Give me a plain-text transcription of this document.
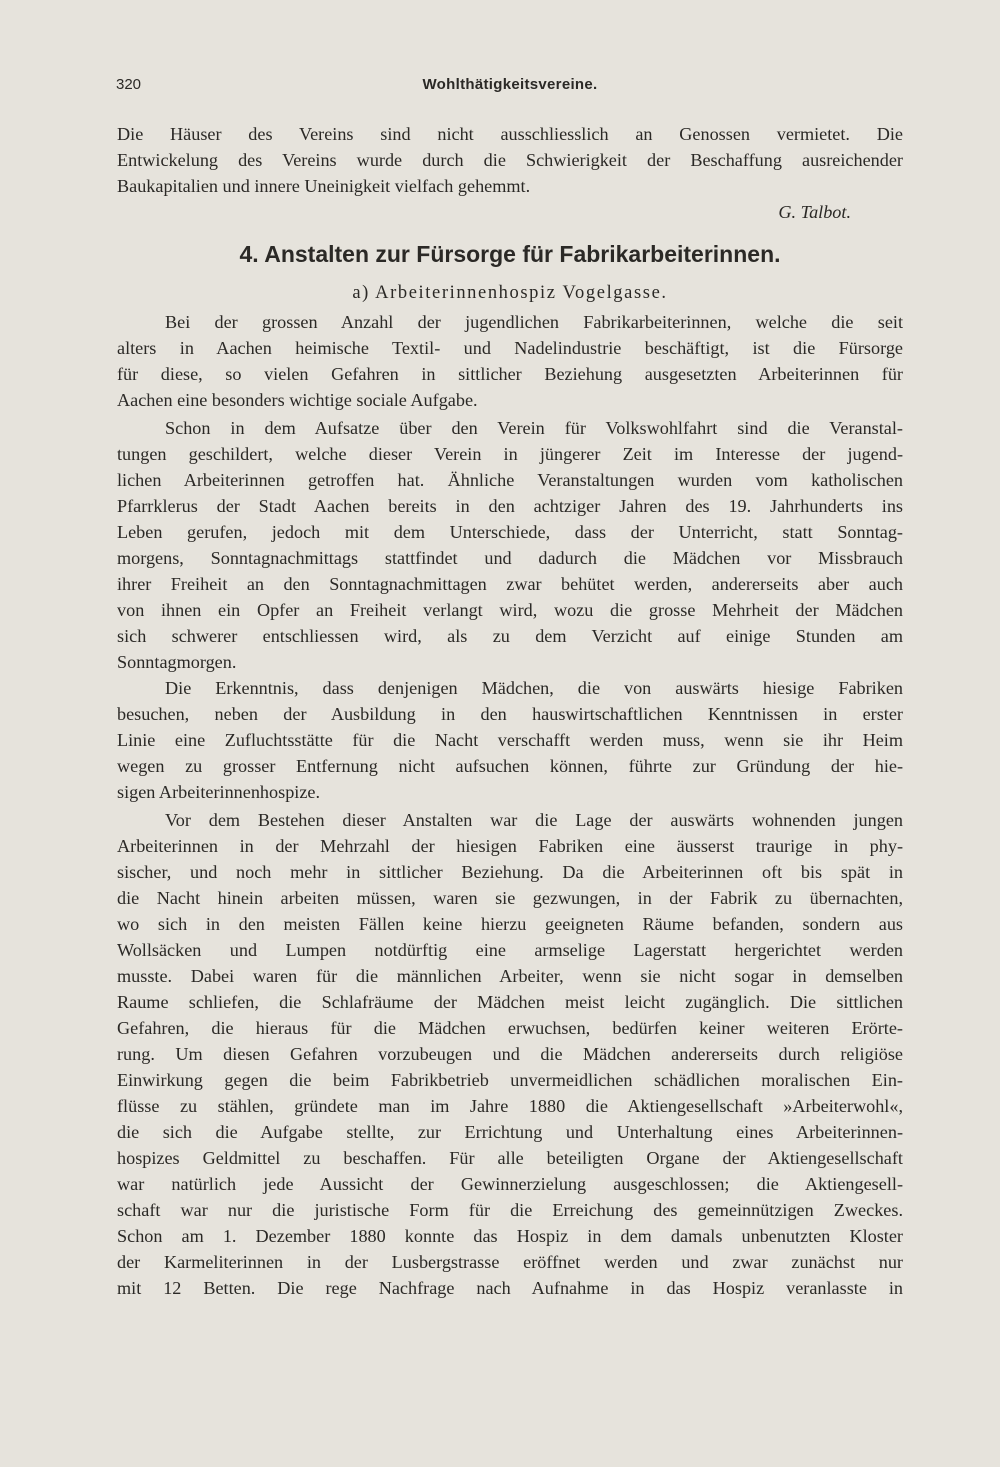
320	Wohlthätigkeitsvereine.
Die Häuser des Vereins sind nicht ausschliesslich an Genossen vermietet. Die
Entwickelung des Vereins wurde durch die Schwierigkeit der Beschaffung ausreichender
Baukapitalien und innere Uneinigkeit vielfach gehemmt.
G. Talbot.
4. Anstalten zur Fürsorge für Fabrikarbeiterinnen.
a) Arbeiterinnenhospiz Vogelgasse.
Bei der grossen Anzahl der jugendlichen Fabrikarbeiterinnen, welche die seit
alters in Aachen heimische Textil- und Nadelindustrie beschäftigt, ist die Fürsorge
für diese, so vielen Gefahren in sittlicher Beziehung ausgesetzten Arbeiterinnen für
Aachen eine besonders wichtige sociale Aufgabe.
Schon in dem Aufsatze über den Verein für Volkswohlfahrt sind die Veranstal-
tungen geschildert, welche dieser Verein in jüngerer Zeit im Interesse der jugend-
lichen Arbeiterinnen getroffen hat. Ähnliche Veranstaltungen wurden vom katholischen
Pfarrklerus der Stadt Aachen bereits in den achtziger Jahren des 19. Jahrhunderts ins
Leben gerufen, jedoch mit dem Unterschiede, dass der Unterricht, statt Sonntag-
morgens, Sonntagnachmittags stattfindet und dadurch die Mädchen vor Missbrauch
ihrer Freiheit an den Sonntagnachmittagen zwar behütet werden, andererseits aber auch
von ihnen ein Opfer an Freiheit verlangt wird, wozu die grosse Mehrheit der Mädchen
sich schwerer entschliessen wird, als zu dem Verzicht auf einige Stunden am
Sonntagmorgen.
Die Erkenntnis, dass denjenigen Mädchen, die von auswärts hiesige Fabriken
besuchen, neben der Ausbildung in den hauswirtschaftlichen Kenntnissen in erster
Linie eine Zufluchtsstätte für die Nacht verschafft werden muss, wenn sie ihr Heim
wegen zu grosser Entfernung nicht aufsuchen können, führte zur Gründung der hie-
sigen Arbeiterinnenhospize.
Vor dem Bestehen dieser Anstalten war die Lage der auswärts wohnenden jungen
Arbeiterinnen in der Mehrzahl der hiesigen Fabriken eine äusserst traurige in phy-
sischer, und noch mehr in sittlicher Beziehung. Da die Arbeiterinnen oft bis spät in
die Nacht hinein arbeiten müssen, waren sie gezwungen, in der Fabrik zu übernachten,
wo sich in den meisten Fällen keine hierzu geeigneten Räume befanden, sondern aus
Wollsäcken und Lumpen notdürftig eine armselige Lagerstatt hergerichtet werden
musste. Dabei waren für die männlichen Arbeiter, wenn sie nicht sogar in demselben
Raume schliefen, die Schlafräume der Mädchen meist leicht zugänglich. Die sittlichen
Gefahren, die hieraus für die Mädchen erwuchsen, bedürfen keiner weiteren Erörte-
rung. Um diesen Gefahren vorzubeugen und die Mädchen andererseits durch religiöse
Einwirkung gegen die beim Fabrikbetrieb unvermeidlichen schädlichen moralischen Ein-
flüsse zu stählen, gründete man im Jahre 1880 die Aktiengesellschaft »Arbeiterwohl«,
die sich die Aufgabe stellte, zur Errichtung und Unterhaltung eines Arbeiterinnen-
hospizes Geldmittel zu beschaffen. Für alle beteiligten Organe der Aktiengesellschaft
war natürlich jede Aussicht der Gewinnerzielung ausgeschlossen; die Aktiengesell-
schaft war nur die juristische Form für die Erreichung des gemeinnützigen Zweckes.
Schon am 1. Dezember 1880 konnte das Hospiz in dem damals unbenutzten Kloster
der Karmeliterinnen in der Lusbergstrasse eröffnet werden und zwar zunächst nur
mit 12 Betten. Die rege Nachfrage nach Aufnahme in das Hospiz veranlasste in
